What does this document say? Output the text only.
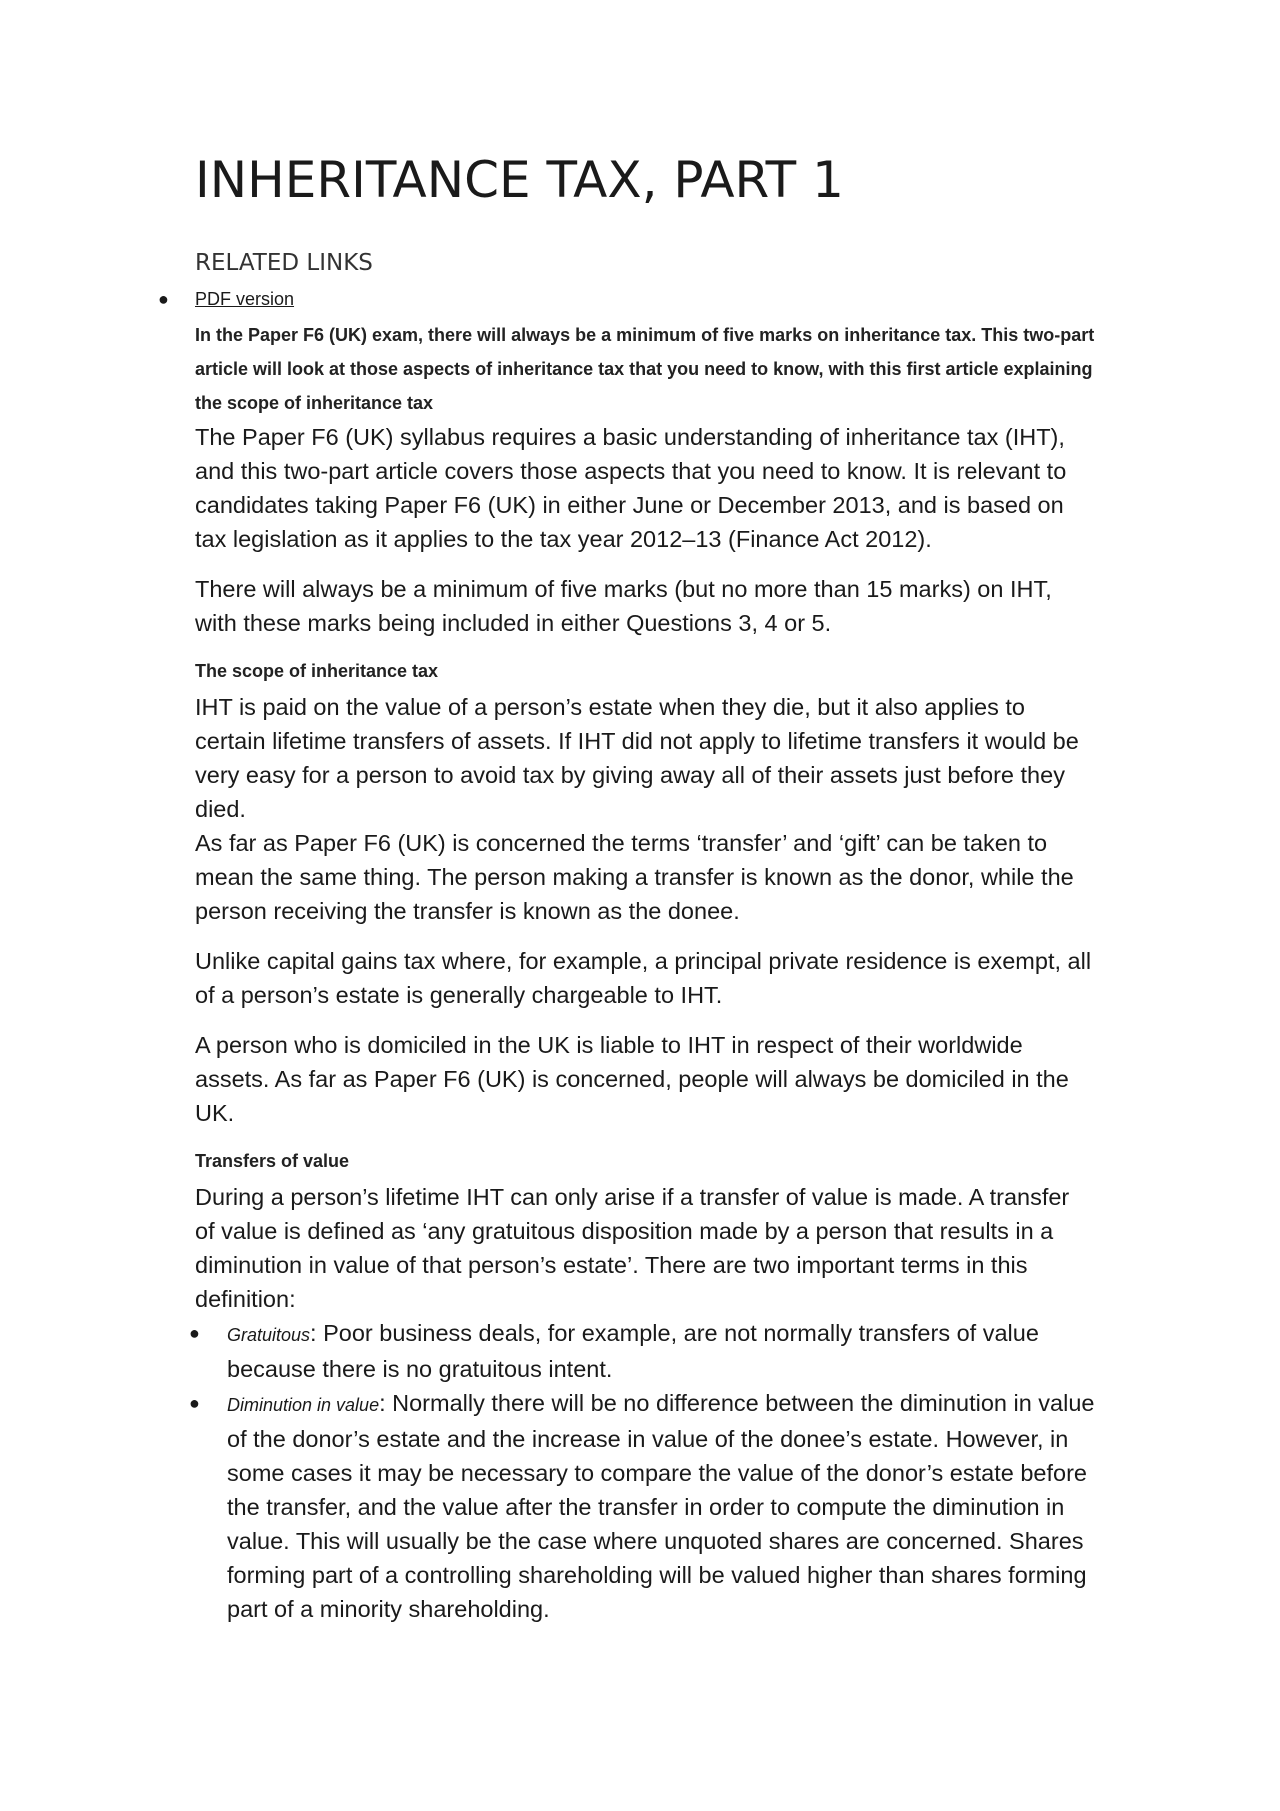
INHERITANCE TAX, PART 1
RELATED LINKS
● PDF version

In the Paper F6 (UK) exam, there will always be a minimum of five marks on inheritance tax. This two-part article will look at those aspects of inheritance tax that you need to know, with this first article explaining the scope of inheritance tax

The Paper F6 (UK) syllabus requires a basic understanding of inheritance tax (IHT), and this two-part article covers those aspects that you need to know. It is relevant to candidates taking Paper F6 (UK) in either June or December 2013, and is based on tax legislation as it applies to the tax year 2012–13 (Finance Act 2012).

There will always be a minimum of five marks (but no more than 15 marks) on IHT, with these marks being included in either Questions 3, 4 or 5.

The scope of inheritance tax

IHT is paid on the value of a person’s estate when they die, but it also applies to certain lifetime transfers of assets. If IHT did not apply to lifetime transfers it would be very easy for a person to avoid tax by giving away all of their assets just before they died.

As far as Paper F6 (UK) is concerned the terms ‘transfer’ and ‘gift’ can be taken to mean the same thing. The person making a transfer is known as the donor, while the person receiving the transfer is known as the donee.

Unlike capital gains tax where, for example, a principal private residence is exempt, all of a person’s estate is generally chargeable to IHT.

A person who is domiciled in the UK is liable to IHT in respect of their worldwide assets. As far as Paper F6 (UK) is concerned, people will always be domiciled in the UK.

Transfers of value

During a person’s lifetime IHT can only arise if a transfer of value is made. A transfer of value is defined as ‘any gratuitous disposition made by a person that results in a diminution in value of that person’s estate’. There are two important terms in this definition:

● Gratuitous: Poor business deals, for example, are not normally transfers of value because there is no gratuitous intent.
● Diminution in value: Normally there will be no difference between the diminution in value of the donor’s estate and the increase in value of the donee’s estate. However, in some cases it may be necessary to compare the value of the donor’s estate before the transfer, and the value after the transfer in order to compute the diminution in value. This will usually be the case where unquoted shares are concerned. Shares forming part of a controlling shareholding will be valued higher than shares forming part of a minority shareholding.
